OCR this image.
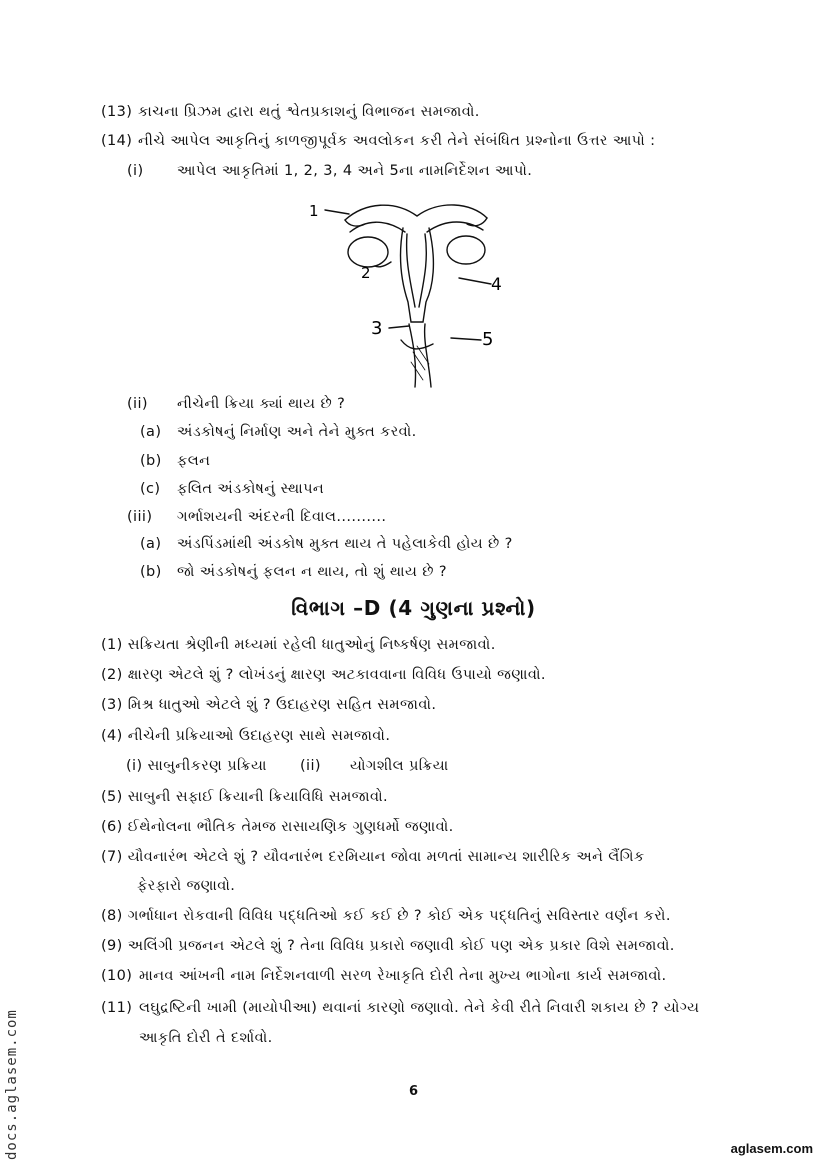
(13) કાચના પ્રિઝમ દ્વારા થતું શ્વેતપ્રકાશનું વિભાજન સમજાવો.
(14) નીચે આપેલ આકૃતિનું કાળજીપૂર્વક અવલોકન કરી તેને સંબંધિત પ્રશ્નોના ઉત્તર આપો :
(i) આપેલ આકૃતિમાં 1, 2, 3, 4 અને 5ના નામનિર્દેશન આપો.
1
2
3
4
5
(ii) નીચેની ક્રિયા ક્યાં થાય છે ?
(a) અંડકોષનું નિર્માણ અને તેને મુક્ત કરવો.
(b) ફલન
(c) ફલિત અંડકોષનું સ્થાપન
(iii) ગર્ભાશયની અંદરની દિવાલ..........
(a) અંડપિંડમાંથી અંડકોષ મુક્ત થાય તે પહેલાકેવી હોય છે ?
(b) જો અંડકોષનું ફલન ન થાય, તો શું થાય છે ?
વિભાગ –D (4 ગુણના પ્રશ્નો)
(1) સક્રિયતા શ્રેણીની મધ્યમાં રહેલી ધાતુઓનું નિષ્કર્ષણ સમજાવો.
(2) ક્ષારણ એટલે શું ? લોખંડનું ક્ષારણ અટકાવવાના વિવિધ ઉપાયો જણાવો.
(3) મિશ્ર ધાતુઓ એટલે શું ? ઉદાહરણ સહિત સમજાવો.
(4) નીચેની પ્રક્રિયાઓ ઉદાહરણ સાથે સમજાવો.
(i) સાબુનીકરણ પ્રક્રિયા (ii) યોગશીલ પ્રક્રિયા
(5) સાબુની સફાઈ ક્રિયાની ક્રિયાવિધિ સમજાવો.
(6) ઈથેનોલના ભૌતિક તેમજ રાસાયણિક ગુણધર્મો જણાવો.
(7) યૌવનારંભ એટલે શું ? યૌવનારંભ દરમિયાન જોવા મળતાં સામાન્ય શારીરિક અને લૈંગિક
ફેરફારો જણાવો.
(8) ગર્ભાધાન રોકવાની વિવિધ પદ્ધતિઓ કઈ કઈ છે ? કોઈ એક પદ્ધતિનું સવિસ્તાર વર્ણન કરો.
(9) અલિંગી પ્રજનન એટલે શું ? તેના વિવિધ પ્રકારો જણાવી કોઈ પણ એક પ્રકાર વિશે સમજાવો.
(10) માનવ આંખની નામ નિર્દેશનવાળી સરળ રેખાકૃતિ દોરી તેના મુખ્ય ભાગોના કાર્ય સમજાવો.
(11) લઘુદ્રષ્ટિની ખામી (માયોપીઆ) થવાનાં કારણો જણાવો. તેને કેવી રીતે નિવારી શકાય છે ? યોગ્ય
આકૃતિ દોરી તે દર્શાવો.
6
aglasem.com
docs.aglasem.com
